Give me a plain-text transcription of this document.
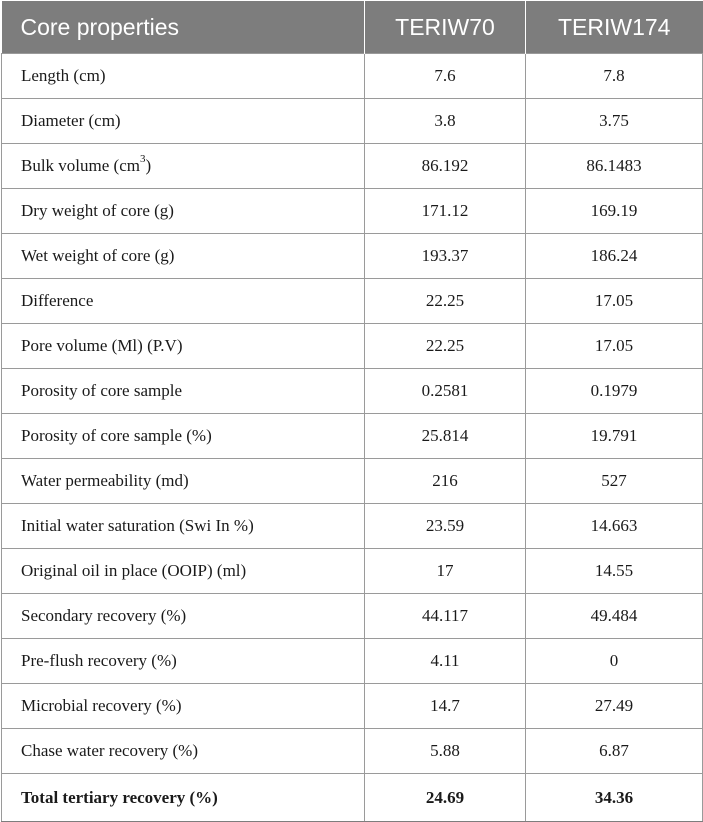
Core properties	TERIW70	TERIW174
Length (cm)	7.6	7.8
Diameter (cm)	3.8	3.75
Bulk volume $(cm^3)$	86.192	86.1483
Dry weight of core (g)	171.12	169.19
Wet weight of core (g)	193.37	186.24
Difference	22.25	17.05
Pore volume (Ml) (P.V)	22.25	17.05
Porosity of core sample	0.2581	0.1979
Porosity of core sample (%)	25.814	19.791
Water permeability (md)	216	527
Initial water saturation (Swi In %)	23.59	14.663
Original oil in place (OOIP) (ml)	17	14.55
Secondary recovery (%)	44.117	49.484
Pre-flush recovery (%)	4.11	0
Microbial recovery (%)	14.7	27.49
Chase water recovery (%)	5.88	6.87
Total tertiary recovery (%)	24.69	34.36
